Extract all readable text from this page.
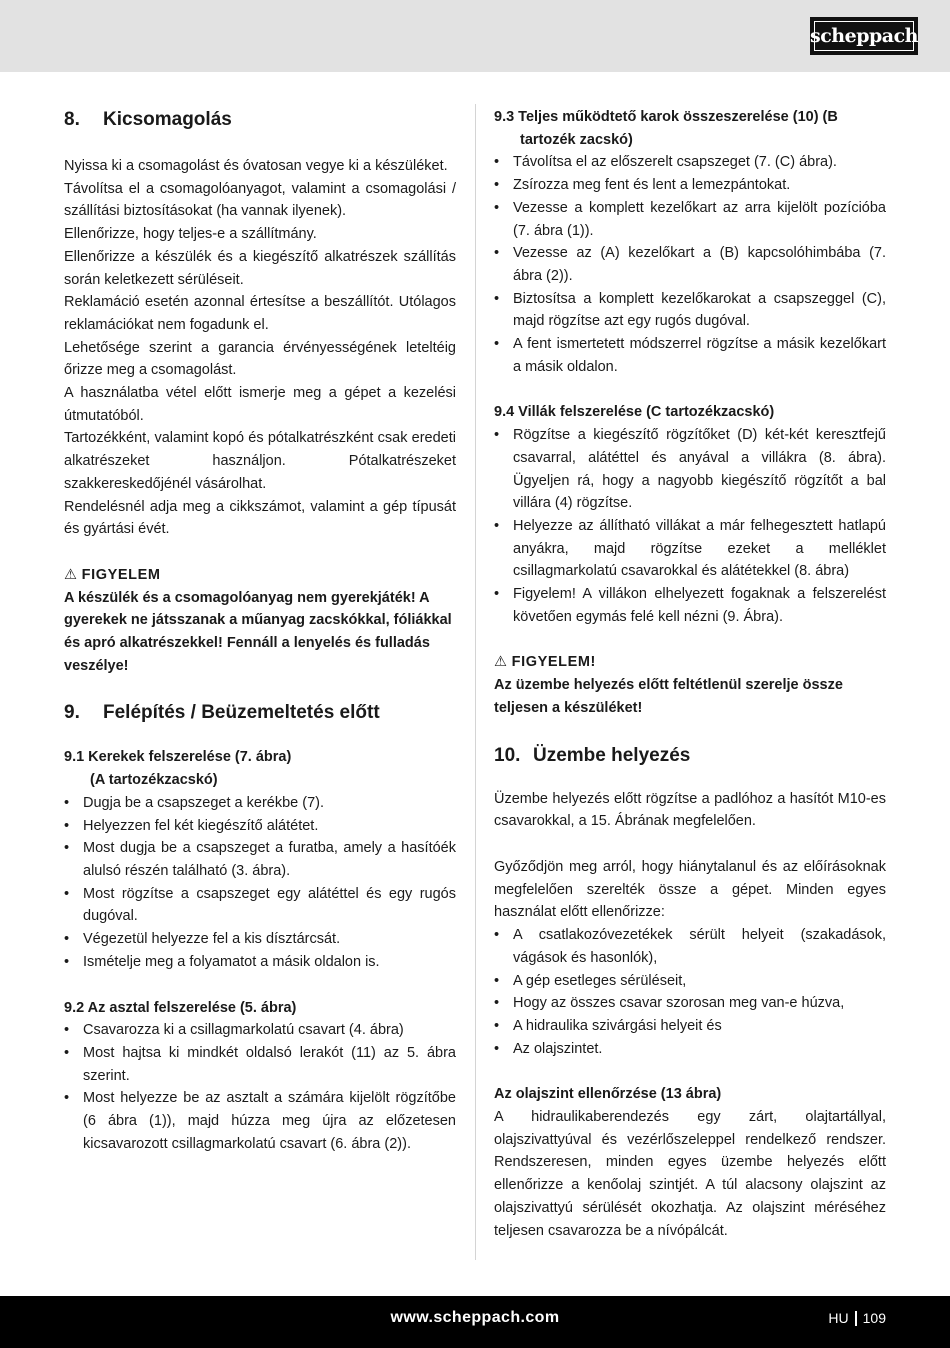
scheppach
8.	Kicsomagolás

Nyissa ki a csomagolást és óvatosan vegye ki a készüléket.

Távolítsa el a csomagolóanyagot, valamint a csomagolási / szállítási biztosításokat (ha vannak ilyenek).

Ellenőrizze, hogy teljes-e a szállítmány.

Ellenőrizze a készülék és a kiegészítő alkatrészek szállítás során keletkezett sérüléseit.

Reklamáció esetén azonnal értesítse a beszállítót. Utólagos reklamációkat nem fogadunk el.

Lehetősége szerint a garancia érvényességének leteltéig őrizze meg a csomagolást.

A használatba vétel előtt ismerje meg a gépet a kezelési útmutatóból.

Tartozékként, valamint kopó és pótalkatrészként csak eredeti alkatrészeket használjon. Pótalkatrészeket szakkereskedőjénél vásárolhat.

Rendelésnél adja meg a cikkszámot, valamint a gép típusát és gyártási évét.

⚠ FIGYELEM
A készülék és a csomagolóanyag nem gyerekjáték! A gyerekek ne játsszanak a műanyag zacskókkal, fóliákkal és apró alkatrészekkel! Fennáll a lenyelés és fulladás veszélye!
9.	Felépítés / Beüzemeltetés előtt
9.1 Kerekek felszerelése (7. ábra)
(A tartozékzacskó)
• Dugja be a csapszeget a kerékbe (7).
• Helyezzen fel két kiegészítő alátétet.
• Most dugja be a csapszeget a furatba, amely a hasítóék alulsó részén található (3. ábra).
• Most rögzítse a csapszeget egy alátéttel és egy rugós dugóval.
• Végezetül helyezze fel a kis dísztárcsát.
• Ismételje meg a folyamatot a másik oldalon is.
9.2 Az asztal felszerelése (5. ábra)
• Csavarozza ki a csillagmarkolatú csavart (4. ábra)
• Most hajtsa ki mindkét oldalsó lerakót (11) az 5. ábra szerint.
• Most helyezze be az asztalt a számára kijelölt rögzítőbe (6 ábra (1)), majd húzza meg újra az előzetesen kicsavarozott csillagmarkolatú csavart (6. ábra (2)).
9.3 Teljes működtető karok összeszerelése (10) (B
tartozék zacskó)
• Távolítsa el az előszerelt csapszeget (7. (C) ábra).
• Zsírozza meg fent és lent a lemezpántokat.
• Vezesse a komplett kezelőkart az arra kijelölt pozícióba (7. ábra (1)).
• Vezesse az (A) kezelőkart a (B) kapcsolóhimbába (7. ábra (2)).
• Biztosítsa a komplett kezelőkarokat a csapszeggel (C), majd rögzítse azt egy rugós dugóval.
• A fent ismertetett módszerrel rögzítse a másik kezelőkart a másik oldalon.
9.4 Villák felszerelése (C tartozékzacskó)
• Rögzítse a kiegészítő rögzítőket (D) két-két keresztfejű csavarral, alátéttel és anyával a villákra (8. ábra). Ügyeljen rá, hogy a nagyobb kiegészítő rögzítőt a bal villára (4) rögzítse.
• Helyezze az állítható villákat a már felhegesztett hatlapú anyákra, majd rögzítse ezeket a melléklet csillagmarkolatú csavarokkal és alátétekkel (8. ábra)
• Figyelem! A villákon elhelyezett fogaknak a felszerelést követően egymás felé kell nézni (9. Ábra).
⚠ FIGYELEM!
Az üzembe helyezés előtt feltétlenül szerelje össze teljesen a készüléket!
10. Üzembe helyezés

Üzembe helyezés előtt rögzítse a padlóhoz a hasítót M10-es csavarokkal, a 15. Ábrának megfelelően.

Győződjön meg arról, hogy hiánytalanul és az előírásoknak megfelelően szerelték össze a gépet. Minden egyes használat előtt ellenőrizze:

• A csatlakozóvezetékek sérült helyeit (szakadások, vágások és hasonlók),
• A gép esetleges sérüléseit,
• Hogy az összes csavar szorosan meg van-e húzva,
• A hidraulika szivárgási helyeit és
• Az olajszintet.
Az olajszint ellenőrzése (13 ábra)

A hidraulikaberendezés egy zárt, olajtartállyal, olajszivattyúval és vezérlőszeleppel rendelkező rendszer. Rendszeresen, minden egyes üzembe helyezés előtt ellenőrizze a kenőolaj szintjét. A túl alacsony olajszint az olajszivattyú sérülését okozhatja. Az olajszint méréséhez teljesen csavarozza be a nívópálcát.

www.scheppach.com	HU 109
